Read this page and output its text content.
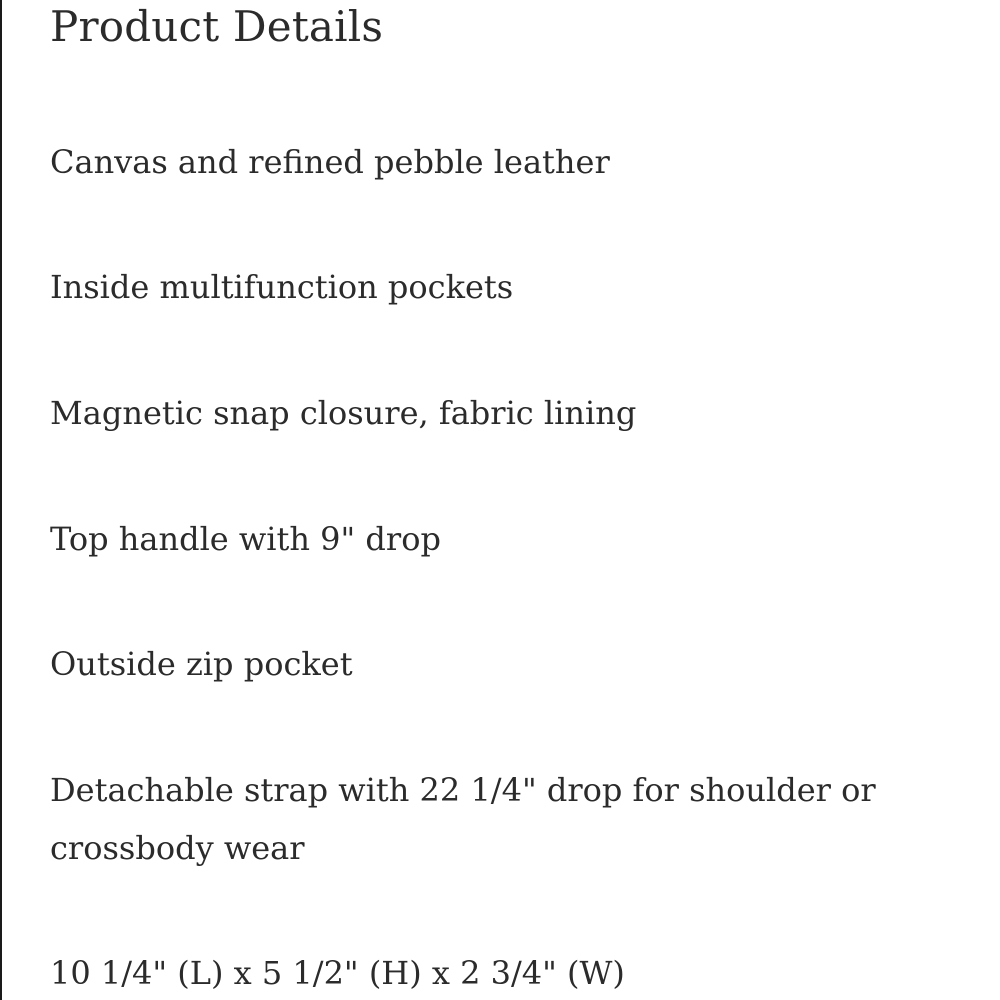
Product Details

Canvas and refined pebble leather

Inside multifunction pockets

Magnetic snap closure, fabric lining

Top handle with 9" drop

Outside zip pocket

Detachable strap with 22 1/4" drop for shoulder or crossbody wear

10 1/4" (L) x 5 1/2" (H) x 2 3/4" (W)
